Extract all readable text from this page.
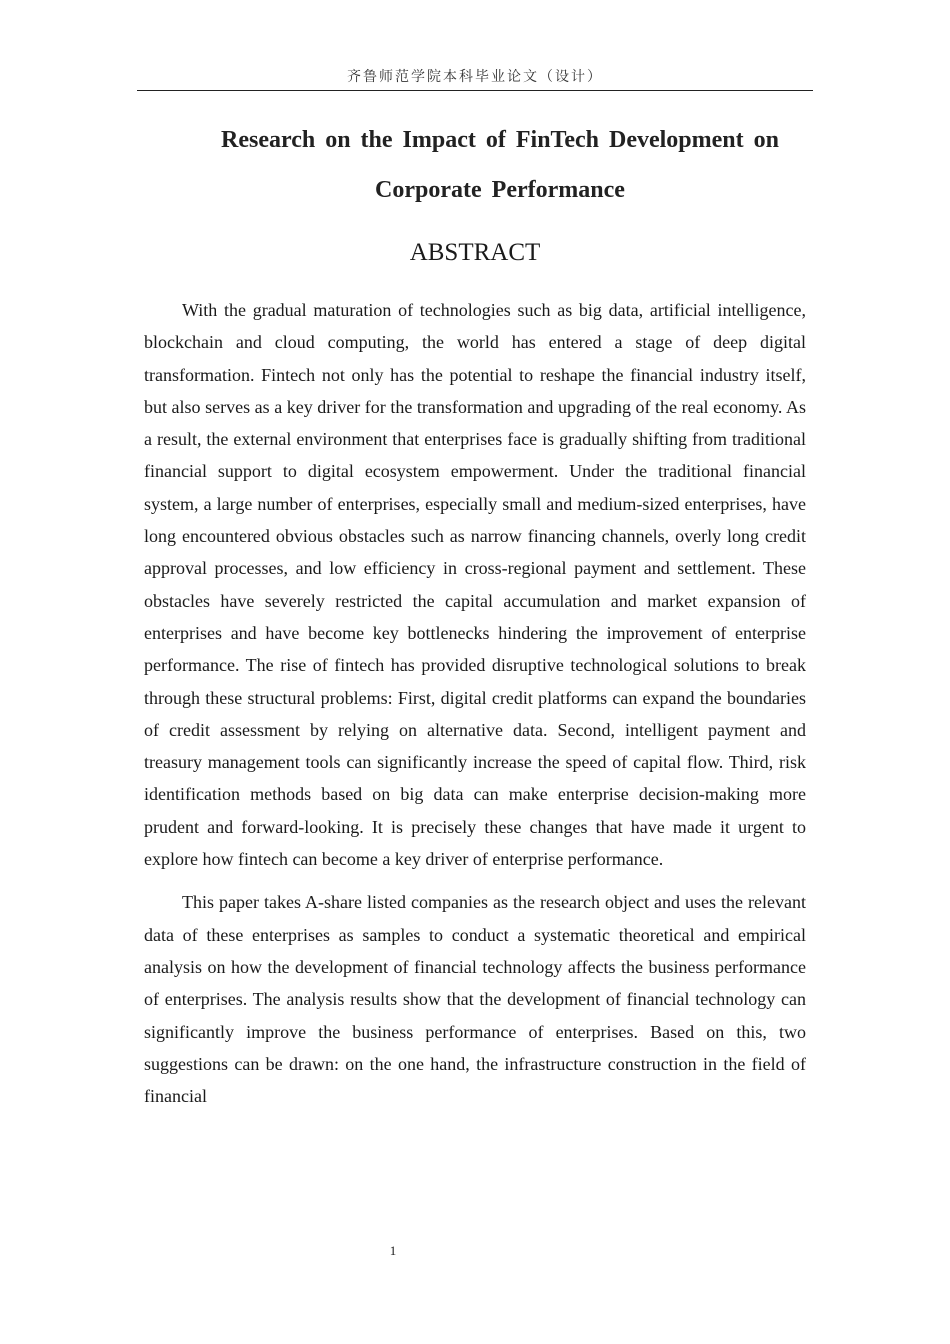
齐鲁师范学院本科毕业论文（设计）
Research on the Impact of FinTech Development on Corporate Performance
ABSTRACT

With the gradual maturation of technologies such as big data, artificial intelligence, blockchain and cloud computing, the world has entered a stage of deep digital transformation. Fintech not only has the potential to reshape the financial industry itself, but also serves as a key driver for the transformation and upgrading of the real economy. As a result, the external environment that enterprises face is gradually shifting from traditional financial support to digital ecosystem empowerment. Under the traditional financial system, a large number of enterprises, especially small and medium-sized enterprises, have long encountered obvious obstacles such as narrow financing channels, overly long credit approval processes, and low efficiency in cross-regional payment and settlement. These obstacles have severely restricted the capital accumulation and market expansion of enterprises and have become key bottlenecks hindering the improvement of enterprise performance. The rise of fintech has provided disruptive technological solutions to break through these structural problems: First, digital credit platforms can expand the boundaries of credit assessment by relying on alternative data. Second, intelligent payment and treasury management tools can significantly increase the speed of capital flow. Third, risk identification methods based on big data can make enterprise decision-making more prudent and forward-looking. It is precisely these changes that have made it urgent to explore how fintech can become a key driver of enterprise performance.

This paper takes A-share listed companies as the research object and uses the relevant data of these enterprises as samples to conduct a systematic theoretical and empirical analysis on how the development of financial technology affects the business performance of enterprises. The analysis results show that the development of financial technology can significantly improve the business performance of enterprises. Based on this, two suggestions can be drawn: on the one hand, the infrastructure construction in the field of financial

1
